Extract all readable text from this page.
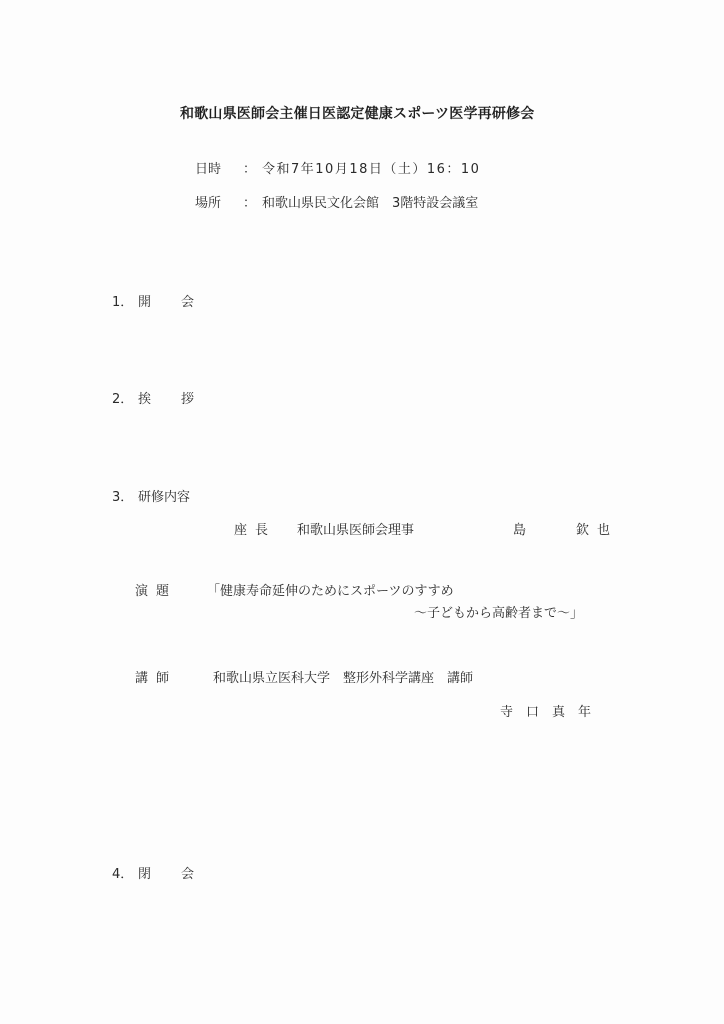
和歌山県医師会主催日医認定健康スポーツ医学再研修会
日時 ： 令和7年10月18日（土）16：10
場所 ： 和歌山県民文化会館　3階特設会議室
1． 開会
2． 挨拶
3． 研修内容
座長 和歌山県医師会理事	島　　欽也
演題 「健康寿命延伸のためにスポーツのすすめ
～子どもから高齢者まで～」
講師	和歌山県立医科大学　整形外科学講座　講師
寺口真年
4． 閉会
